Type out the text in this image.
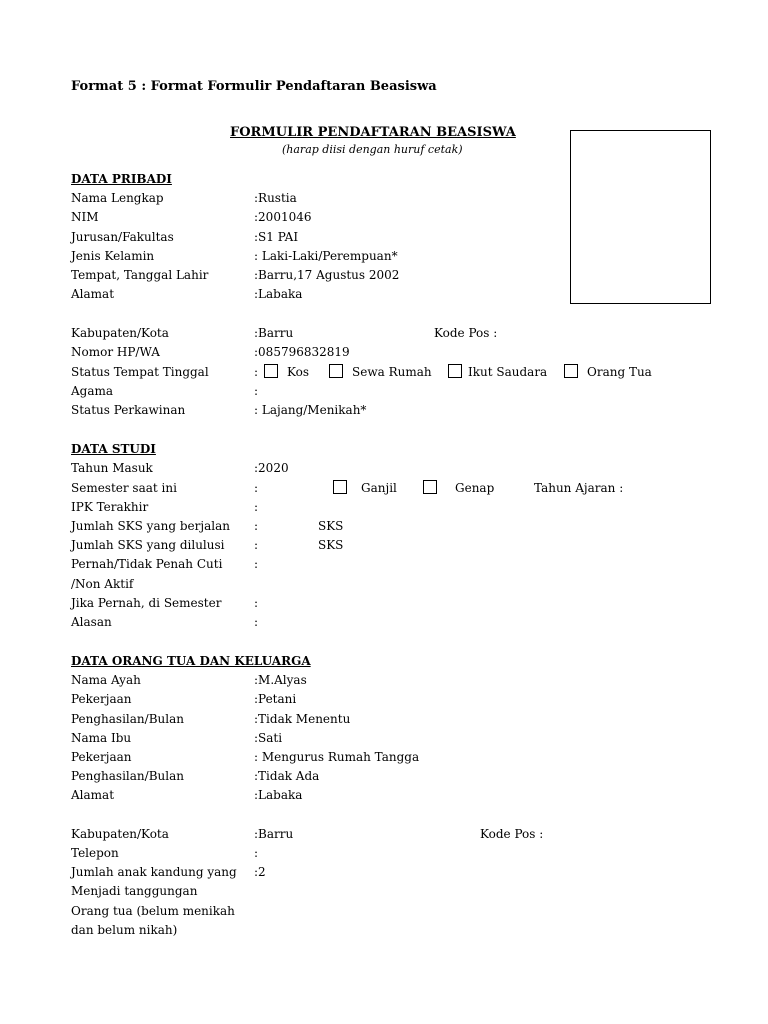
Format 5 : Format Formulir Pendaftaran Beasiswa
FORMULIR PENDAFTARAN BEASISWA
(harap diisi dengan huruf cetak)
DATA PRIBADI
Nama Lengkap	:Rustia
NIM	:2001046
Jurusan/Fakultas	:S1 PAI
Jenis Kelamin	: Laki-Laki/Perempuan*
Tempat, Tanggal Lahir	:Barru,17 Agustus 2002
Alamat	:Labaka
Kabupaten/Kota	:Barru	Kode Pos :
Nomor HP/WA	:085796832819
Status Tempat Tinggal	: Kos	Sewa Rumah	Ikut Saudara	Orang Tua
Agama	:
Status Perkawinan	: Lajang/Menikah*
DATA STUDI
Tahun Masuk	:2020
Semester saat ini	:	Ganjil	Genap	Tahun Ajaran :
IPK Terakhir	:
Jumlah SKS yang berjalan :	SKS
Jumlah SKS yang dilulusi :	SKS
Pernah/Tidak Penah Cuti	:
/Non Aktif
Jika Pernah, di Semester	:
Alasan	:
DATA ORANG TUA DAN KELUARGA
Nama Ayah	:M.Alyas
Pekerjaan	:Petani
Penghasilan/Bulan	:Tidak Menentu
Nama Ibu	:Sati
Pekerjaan	: Mengurus Rumah Tangga
Penghasilan/Bulan	:Tidak Ada
Alamat	:Labaka
Kabupaten/Kota	:Barru	Kode Pos :
Telepon	:
Jumlah anak kandung yang :2
Menjadi tanggungan
Orang tua (belum menikah
dan belum nikah)
